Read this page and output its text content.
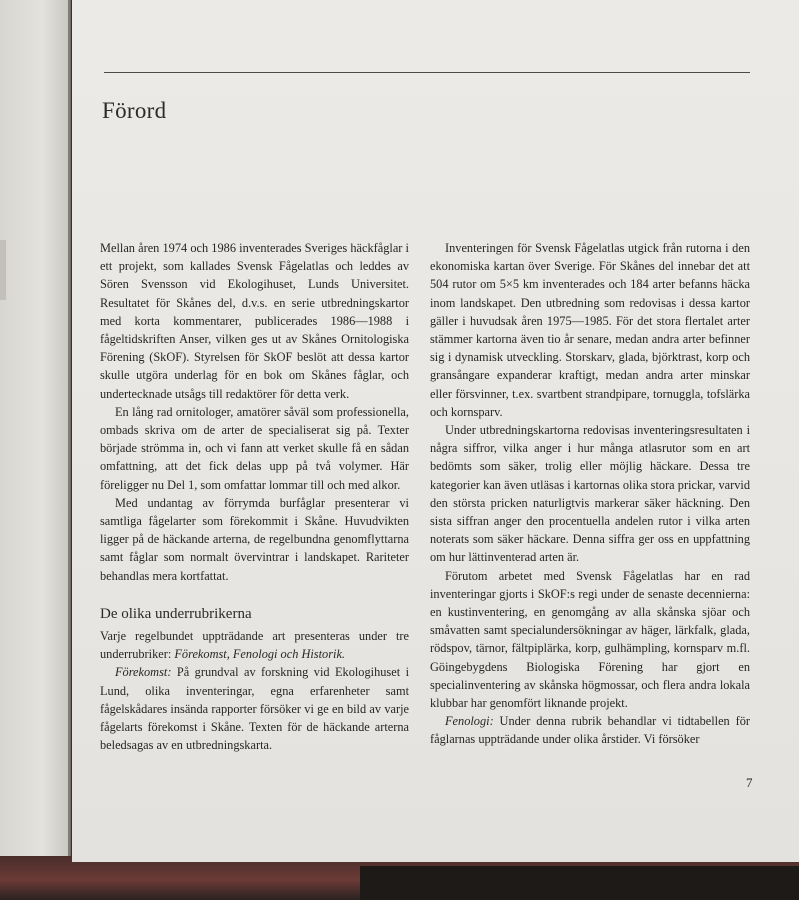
Förord

Mellan åren 1974 och 1986 inventerades Sveriges häckfåglar i ett projekt, som kallades Svensk Fågelatlas och leddes av Sören Svensson vid Ekologihuset, Lunds Universitet. Resultatet för Skånes del, d.v.s. en serie utbredningskartor med korta kommentarer, publicerades 1986—1988 i fågeltidskriften Anser, vilken ges ut av Skånes Ornitologiska Förening (SkOF). Styrelsen för SkOF beslöt att dessa kartor skulle utgöra underlag för en bok om Skånes fåglar, och undertecknade utsågs till redaktörer för detta verk.

En lång rad ornitologer, amatörer såväl som professionella, ombads skriva om de arter de specialiserat sig på. Texter började strömma in, och vi fann att verket skulle få en sådan omfattning, att det fick delas upp på två volymer. Här föreligger nu Del 1, som omfattar lommar till och med alkor.

Med undantag av förrymda burfåglar presenterar vi samtliga fågelarter som förekommit i Skåne. Huvudvikten ligger på de häckande arterna, de regelbundna genomflyttarna samt fåglar som normalt övervintrar i landskapet. Rariteter behandlas mera kortfattat.

De olika underrubrikerna

Varje regelbundet uppträdande art presenteras under tre underrubriker: Förekomst, Fenologi och Historik.

Förekomst: På grundval av forskning vid Ekologihuset i Lund, olika inventeringar, egna erfarenheter samt fågelskådares insända rapporter försöker vi ge en bild av varje fågelarts förekomst i Skåne. Texten för de häckande arterna beledsagas av en utbredningskarta.

Inventeringen för Svensk Fågelatlas utgick från rutorna i den ekonomiska kartan över Sverige. För Skånes del innebar det att 504 rutor om 5×5 km inventerades och 184 arter befanns häcka inom landskapet. Den utbredning som redovisas i dessa kartor gäller i huvudsak åren 1975—1985. För det stora flertalet arter stämmer kartorna även tio år senare, medan andra arter befinner sig i dynamisk utveckling. Storskarv, glada, björktrast, korp och gransångare expanderar kraftigt, medan andra arter minskar eller försvinner, t.ex. svartbent strandpipare, tornugglа, tofslärka och kornsparv.

Under utbredningskartorna redovisas inventeringsresultaten i några siffror, vilka anger i hur många atlasrutor som en art bedömts som säker, trolig eller möjlig häckare. Dessa tre kategorier kan även utläsas i kartornas olika stora prickar, varvid den största pricken naturligtvis markerar säker häckning. Den sista siffran anger den procentuella andelen rutor i vilka arten noterats som säker häckare. Denna siffra ger oss en uppfattning om hur lättinventerad arten är.

Förutom arbetet med Svensk Fågelatlas har en rad inventeringar gjorts i SkOF:s regi under de senaste decennierna: en kustinventering, en genomgång av alla skånska sjöar och småvatten samt specialundersökningar av häger, lärkfalk, glada, rödspov, tärnor, fältpiplärka, korp, gulhämpling, kornsparv m.fl. Göingebygdens Biologiska Förening har gjort en specialinventering av skånska högmossar, och flera andra lokala klubbar har genomfört liknande projekt.

Fenologi: Under denna rubrik behandlar vi tidtabellen för fåglarnas uppträdande under olika årstider. Vi försöker

7
